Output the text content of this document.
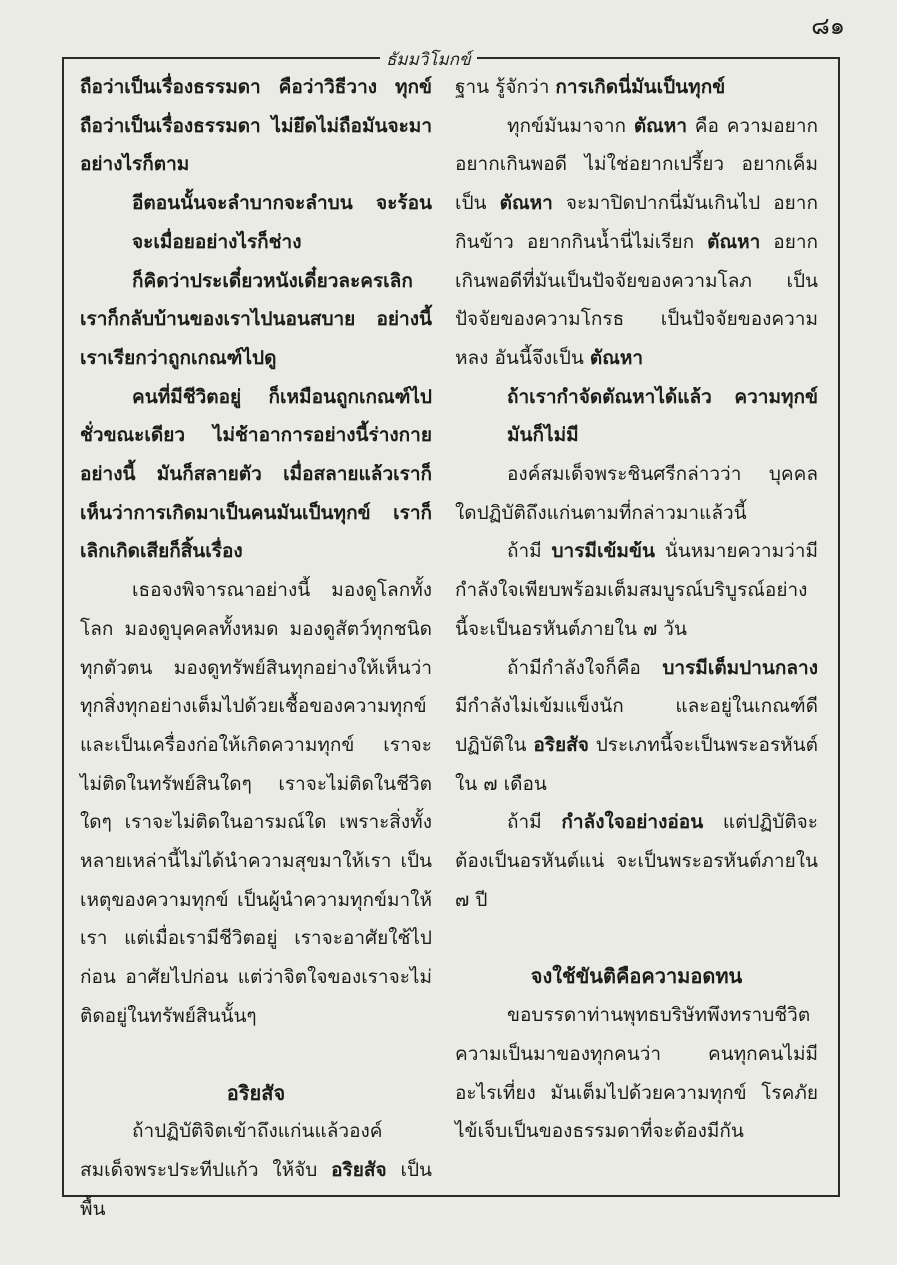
๘๑
ธัมมวิโมกข์

ถือว่าเป็นเรื่องธรรมดา คือว่าวิธีวาง ทุกข์ถือว่าเป็นเรื่องธรรมดา ไม่ยึดไม่ถือมันจะมาอย่างไรก็ตาม

อีตอนนั้นจะลำบากจะลำบน จะร้อนจะเมื่อยอย่างไรก็ช่าง

ก็คิดว่าประเดี๋ยวหนังเดี๋ยวละครเลิก เราก็กลับบ้านของเราไปนอนสบาย อย่างนี้เราเรียกว่าถูกเกณฑ์ไปดู

คนที่มีชีวิตอยู่ ก็เหมือนถูกเกณฑ์ไปชั่วขณะเดียว ไม่ช้าอาการอย่างนี้ร่างกายอย่างนี้ มันก็สลายตัว เมื่อสลายแล้วเราก็เห็นว่าการเกิดมาเป็นคนมันเป็นทุกข์ เราก็เลิกเกิดเสียก็สิ้นเรื่อง

เธอจงพิจารณาอย่างนี้ มองดูโลกทั้งโลก มองดูบุคคลทั้งหมด มองดูสัตว์ทุกชนิดทุกตัวตน มองดูทรัพย์สินทุกอย่างให้เห็นว่าทุกสิ่งทุกอย่างเต็มไปด้วยเชื้อของความทุกข์ และเป็นเครื่องก่อให้เกิดความทุกข์ เราจะ ไม่ติดในทรัพย์สินใดๆ เราจะไม่ติดในชีวิตใดๆ เราจะไม่ติดในอารมณ์ใด เพราะสิ่งทั้งหลายเหล่านี้ไม่ได้นำความสุขมาให้เรา เป็นเหตุของความทุกข์ เป็นผู้นำความทุกข์มาให้เรา แต่เมื่อเรามีชีวิตอยู่ เราจะอาศัยใช้ไปก่อน อาศัยไปก่อน แต่ว่าจิตใจของเราจะไม่ติดอยู่ในทรัพย์สินนั้นๆ

อริยสัจ

ถ้าปฏิบัติจิตเข้าถึงแก่นแล้วองค์สมเด็จพระประทีปแก้ว ให้จับ อริยสัจ เป็นพื้น

ฐาน รู้จักว่า การเกิดนี่มันเป็นทุกข์

ทุกข์มันมาจาก ตัณหา คือ ความอยาก อยากเกินพอดี ไม่ใช่อยากเปรี้ยว อยากเค็มเป็น ตัณหา จะมาปิดปากนี่มันเกินไป อยากกินข้าว อยากกินน้ำนี่ไม่เรียก ตัณหา อยากเกินพอดีที่มันเป็นปัจจัยของความโลภ เป็นปัจจัยของความโกรธ เป็นปัจจัยของความหลง อันนี้จึงเป็น ตัณหา

ถ้าเรากำจัดตัณหาได้แล้ว ความทุกข์มันก็ไม่มี

องค์สมเด็จพระชินศรีกล่าวว่า บุคคลใดปฏิบัติถึงแก่นตามที่กล่าวมาแล้วนี้

ถ้ามี บารมีเข้มข้น นั่นหมายความว่ามีกำลังใจเพียบพร้อมเต็มสมบูรณ์บริบูรณ์อย่างนี้จะเป็นอรหันต์ภายใน ๗ วัน

ถ้ามีกำลังใจก็คือ บารมีเต็มปานกลาง มีกำลังไม่เข้มแข็งนัก และอยู่ในเกณฑ์ดี ปฏิบัติใน อริยสัจ ประเภทนี้จะเป็นพระอรหันต์ ใน ๗ เดือน

ถ้ามี กำลังใจอย่างอ่อน แต่ปฏิบัติจะต้องเป็นอรหันต์แน่ จะเป็นพระอรหันต์ภายใน ๗ ปี

จงใช้ขันติคือความอดทน

ขอบรรดาท่านพุทธบริษัทพึงทราบชีวิตความเป็นมาของทุกคนว่า คนทุกคนไม่มีอะไรเที่ยง มันเต็มไปด้วยความทุกข์ โรคภัยไข้เจ็บเป็นของธรรมดาที่จะต้องมีกัน
